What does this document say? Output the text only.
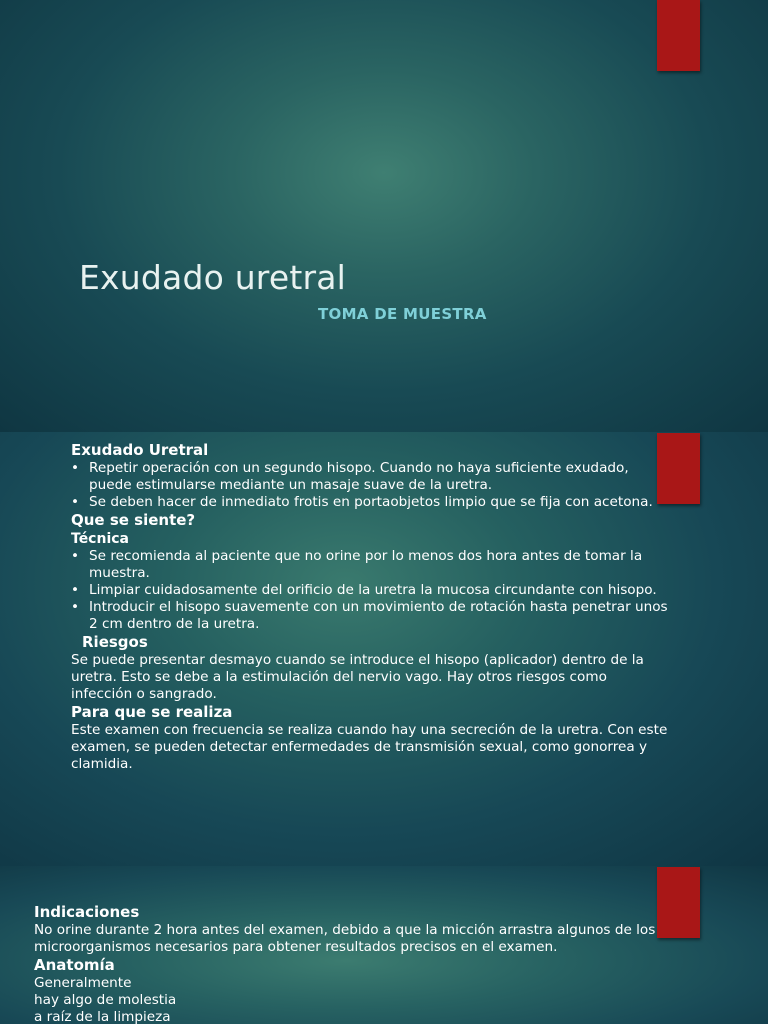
Exudado uretral

TOMA DE MUESTRA

Exudado Uretral
• Repetir operación con un segundo hisopo. Cuando no haya suficiente exudado, puede estimularse mediante un masaje suave de la uretra.
• Se deben hacer de inmediato frotis en portaobjetos limpio que se fija con acetona.
Que se siente?
Técnica
• Se recomienda al paciente que no orine por lo menos dos hora antes de tomar la muestra.
• Limpiar cuidadosamente del orificio de la uretra la mucosa circundante con hisopo.
• Introducir el hisopo suavemente con un movimiento de rotación hasta penetrar unos 2 cm dentro de la uretra.
Riesgos
Se puede presentar desmayo cuando se introduce el hisopo (aplicador) dentro de la uretra. Esto se debe a la estimulación del nervio vago. Hay otros riesgos como infección o sangrado.
Para que se realiza
Este examen con frecuencia se realiza cuando hay una secreción de la uretra. Con este examen, se pueden detectar enfermedades de transmisión sexual, como gonorrea y clamidia.
Indicaciones
No orine durante 2 hora antes del examen, debido a que la micción arrastra algunos de los microorganismos necesarios para obtener resultados precisos en el examen.
Anatomía
Generalmente
hay algo de molestia
a raíz de la limpieza
